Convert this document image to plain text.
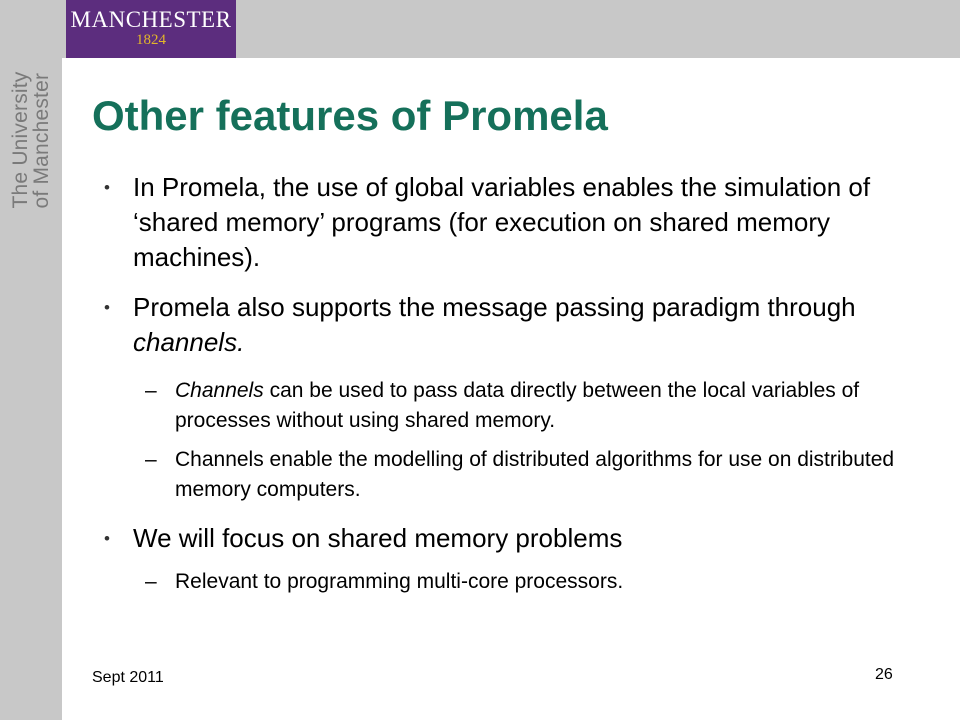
MANCHESTER
1824
The University
of Manchester Other features of Promela
• In Promela, the use of global variables enables the simulation of ‘shared memory’ programs (for execution on shared memory machines).
• Promela also supports the message passing paradigm through channels.
– Channels can be used to pass data directly between the local variables of processes without using shared memory.
– Channels enable the modelling of distributed algorithms for use on distributed memory computers.
• We will focus on shared memory problems
– Relevant to programming multi-core processors.
Sept 2011	26
